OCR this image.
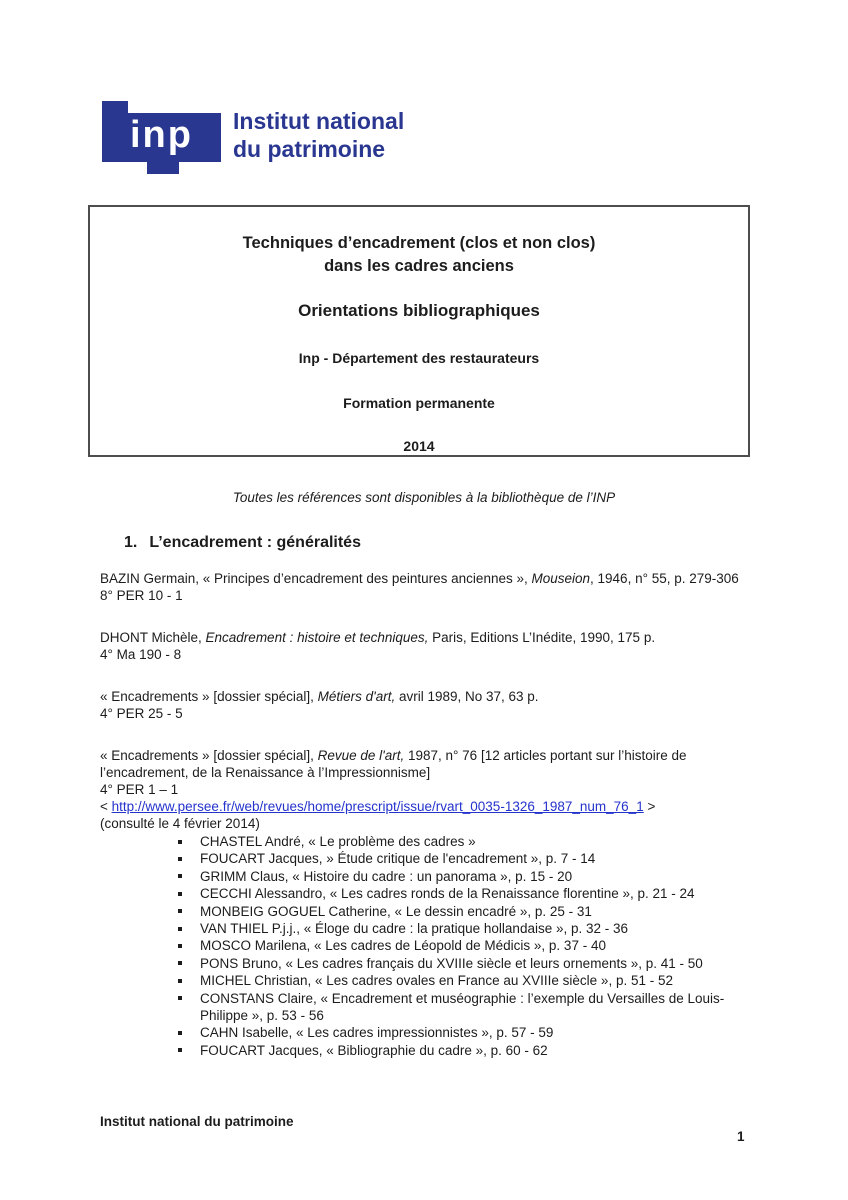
inp Institut national
du patrimoine
Techniques d’encadrement (clos et non clos)
dans les cadres anciens
Orientations bibliographiques
Inp - Département des restaurateurs
Formation permanente
2014
Toutes les références sont disponibles à la bibliothèque de l’INP
1. L’encadrement : généralités
BAZIN Germain, « Principes d’encadrement des peintures anciennes », Mouseion, 1946, n° 55, p. 279-306
8° PER 10 - 1
DHONT Michèle, Encadrement : histoire et techniques, Paris, Editions L’Inédite, 1990, 175 p.
4° Ma 190 - 8
« Encadrements » [dossier spécial], Métiers d'art, avril 1989, No 37, 63 p.
4° PER 25 - 5
« Encadrements » [dossier spécial], Revue de l'art, 1987, n° 76 [12 articles portant sur l’histoire de l’encadrement, de la Renaissance à l’Impressionnisme]
4° PER 1 – 1
< http://www.persee.fr/web/revues/home/prescript/issue/rvart_0035-1326_1987_num_76_1 >
(consulté le 4 février 2014)
CHASTEL André, « Le problème des cadres »
FOUCART Jacques, » Étude critique de l'encadrement », p. 7 - 14
GRIMM Claus, « Histoire du cadre : un panorama », p. 15 - 20
CECCHI Alessandro, « Les cadres ronds de la Renaissance florentine », p. 21 - 24
MONBEIG GOGUEL Catherine, « Le dessin encadré », p. 25 - 31
VAN THIEL P.j.j., « Éloge du cadre : la pratique hollandaise », p. 32 - 36
MOSCO Marilena, « Les cadres de Léopold de Médicis », p. 37 - 40
PONS Bruno, « Les cadres français du XVIIIe siècle et leurs ornements », p. 41 - 50
MICHEL Christian, « Les cadres ovales en France au XVIIIe siècle », p. 51 - 52
CONSTANS Claire, « Encadrement et muséographie : l’exemple du Versailles de Louis-Philippe », p. 53 - 56
CAHN Isabelle, « Les cadres impressionnistes », p. 57 - 59
FOUCART Jacques, « Bibliographie du cadre », p. 60 - 62
Institut national du patrimoine
1
